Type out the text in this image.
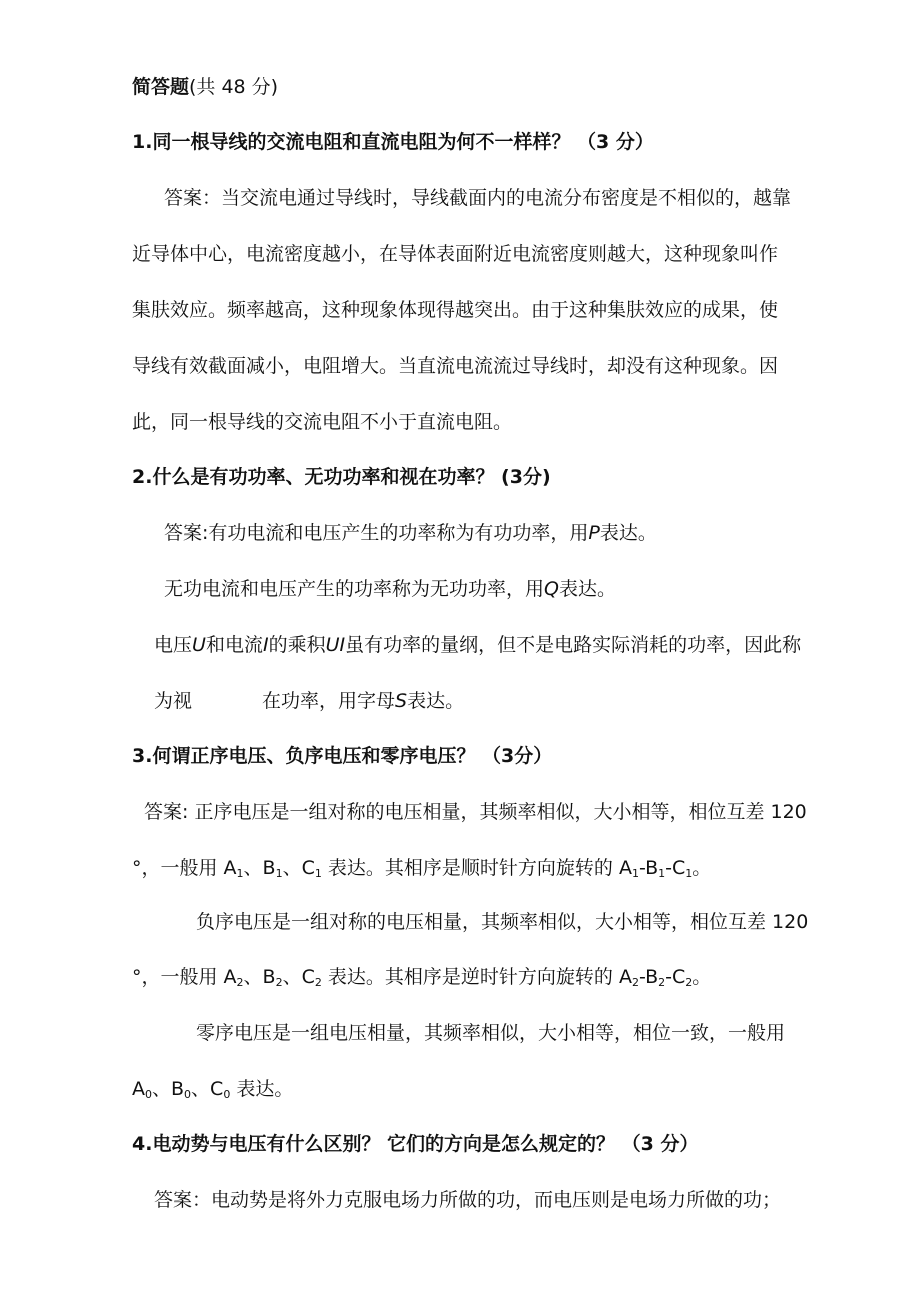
简答题(共 48 分)
1.同一根导线的交流电阻和直流电阻为何不一样样？ （3 分）
答案：当交流电通过导线时，导线截面内的电流分布密度是不相似的，越靠
近导体中心，电流密度越小，在导体表面附近电流密度则越大，这种现象叫作
集肤效应。频率越高，这种现象体现得越突出。由于这种集肤效应的成果，使
导线有效截面减小，电阻增大。当直流电流流过导线时，却没有这种现象。因
此，同一根导线的交流电阻不小于直流电阻。
2.什么是有功功率、无功功率和视在功率？ (3分)
答案:有功电流和电压产生的功率称为有功功率，用P表达。
无功电流和电压产生的功率称为无功功率，用Q表达。
电压U和电流I的乘积UI虽有功率的量纲，但不是电路实际消耗的功率，因此称
为视	在功率，用字母S表达。
3.何谓正序电压、负序电压和零序电压？ （3分）
答案: 正序电压是一组对称的电压相量，其频率相似，大小相等，相位互差 120
°，一般用 $A_1$、$B_1$、$C_1$ 表达。其相序是顺时针方向旋转的 $A_1-B_1-C_1$。
负序电压是一组对称的电压相量，其频率相似，大小相等，相位互差 120
°，一般用 $A_2$、$B_2$、$C_2$ 表达。其相序是逆时针方向旋转的 $A_2-B_2-C_2$。
零序电压是一组电压相量，其频率相似，大小相等，相位一致，一般用
$A_0$、$B_0$、$C_0$ 表达。
4.电动势与电压有什么区别？ 它们的方向是怎么规定的？ （3 分）
答案：电动势是将外力克服电场力所做的功，而电压则是电场力所做的功；
